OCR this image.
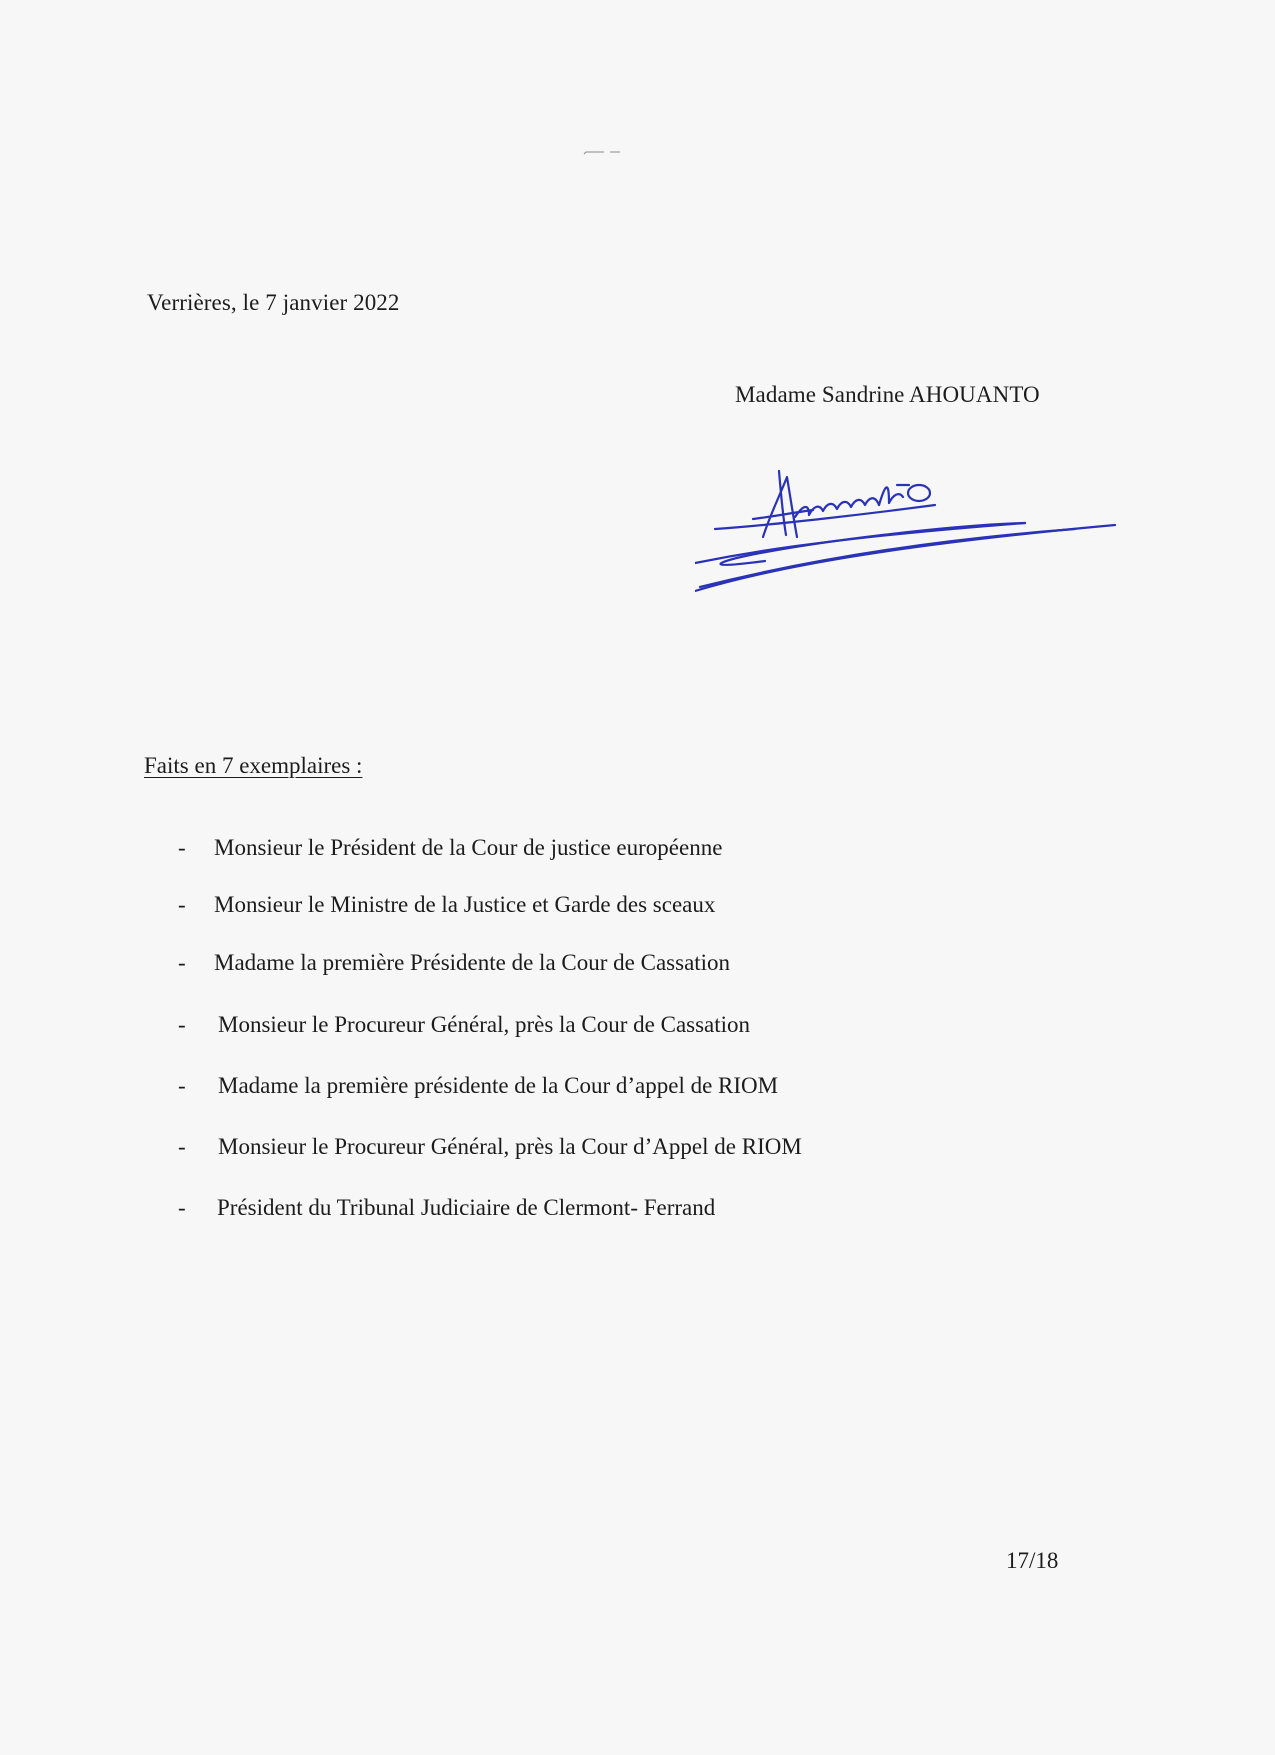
Verrières, le 7 janvier 2022
Madame Sandrine AHOUANTO
Faits en 7 exemplaires :
- Monsieur le Président de la Cour de justice européenne
- Monsieur le Ministre de la Justice et Garde des sceaux
- Madame la première Présidente de la Cour de Cassation
- Monsieur le Procureur Général, près la Cour de Cassation
- Madame la première présidente de la Cour d’appel de RIOM
- Monsieur le Procureur Général, près la Cour d’Appel de RIOM
- Président du Tribunal Judiciaire de Clermont- Ferrand
17/18
